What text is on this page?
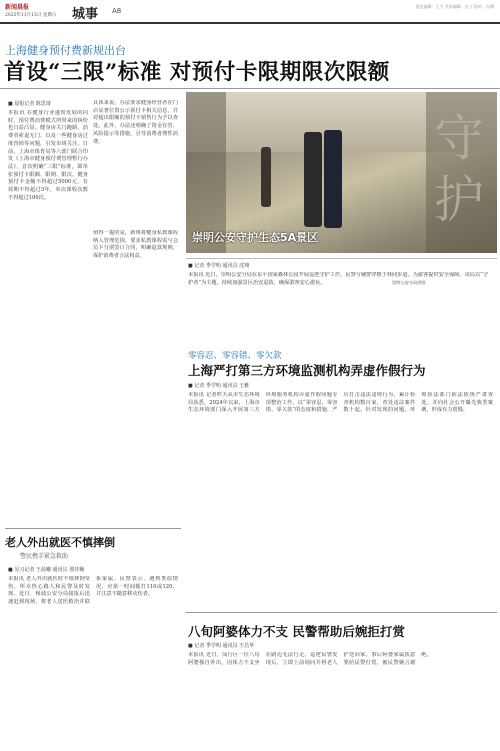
新闻晨报
2025年11月15日 星期六 城事 A8
责任编辑：王力 美术编辑：应立 校对：冯博
上海健身预付费新规出台
首设“三限”标准 对预付卡限期限次限额
■ 晨报记者 陈思琦
本报讯 在健身行业蓬勃发展的同时，预付费消费模式所带来的纠纷也日益凸显。健身房关门跑路、消费者索退无门、以及一些健身房过度营销等问题，引发市场关注。日前，上海市体育局等六部门联合印发《上海市健身预付费管理暂行办法》，首次明确“三限”标准，即单张预付卡限额、限期、限次。健身预付卡金额不得超过5000元，有效期不得超过3年，单次课程次数不得超过100次。
具体来说，办法要求健身经营者在门店显著位置公示预付卡相关信息，并对超出限额的预付卡销售行为予以查处。此外，办法还明确了资金存管、风险提示等措施，引导消费者理性消费。
值得一提的是，新规将健身私教课程纳入管理范围，要求私教课程需与会员卡分别签订合同，明确退款规则，保护消费者合法权益。
崇明公安守护生态5A景区
守
护
■ 记者 季学明 通讯员 沈翔
本报讯 近日，崇明公安分局在东平国家森林公园开展巡逻守护工作，民警与辅警穿梭于林间步道，为游客提供安全保障。该局以“守护者”为主题，持续加强景区治安巡防，确保游客安心游玩。	崇明公安分局供图
零容忍、零容错、零欠款
上海严打第三方环境监测机构弄虚作假行为
■ 记者 季学明 通讯员 王雅
本报讯 记者昨天从市生态环境局获悉，2024年以来，上海市生态环境部门深入开展第三方环境服务机构弄虚作假问题专项整治工作，以“零容忍、零容错、零欠款”的态度和措施，严厉打击违法违规行为，累计检查机构数百家，查处违法案件数十起。针对发现的问题，环境执法部门依法依规严肃查处，并向社会公开曝光典型案例，形成有力震慑。
老人外出就医不慎摔倒
警民携手紧急救助
■ 见习记者 王晨曦 通讯员 那佳楠
本报讯 老人外出就医时不慎摔倒受伤，所幸热心路人和民警及时发现。近日，杨浦公安分局接报后迅速赶到现场，将老人送医救治并联系家属。民警表示，遇到类似情况，应第一时间拨打110或120，并注意不随意移动伤者。
八旬阿婆体力不支 民警帮助后婉拒打赏
■ 记者 季学明 通讯员 王昌华
本报讯 近日，闵行区一位八旬阿婆独自外出，因体力不支坐在路边无法行走。巡逻民警发现后，立即上前询问并将老人护送回家。事后阿婆家属执意要给民警打赏，被民警婉言谢绝。
